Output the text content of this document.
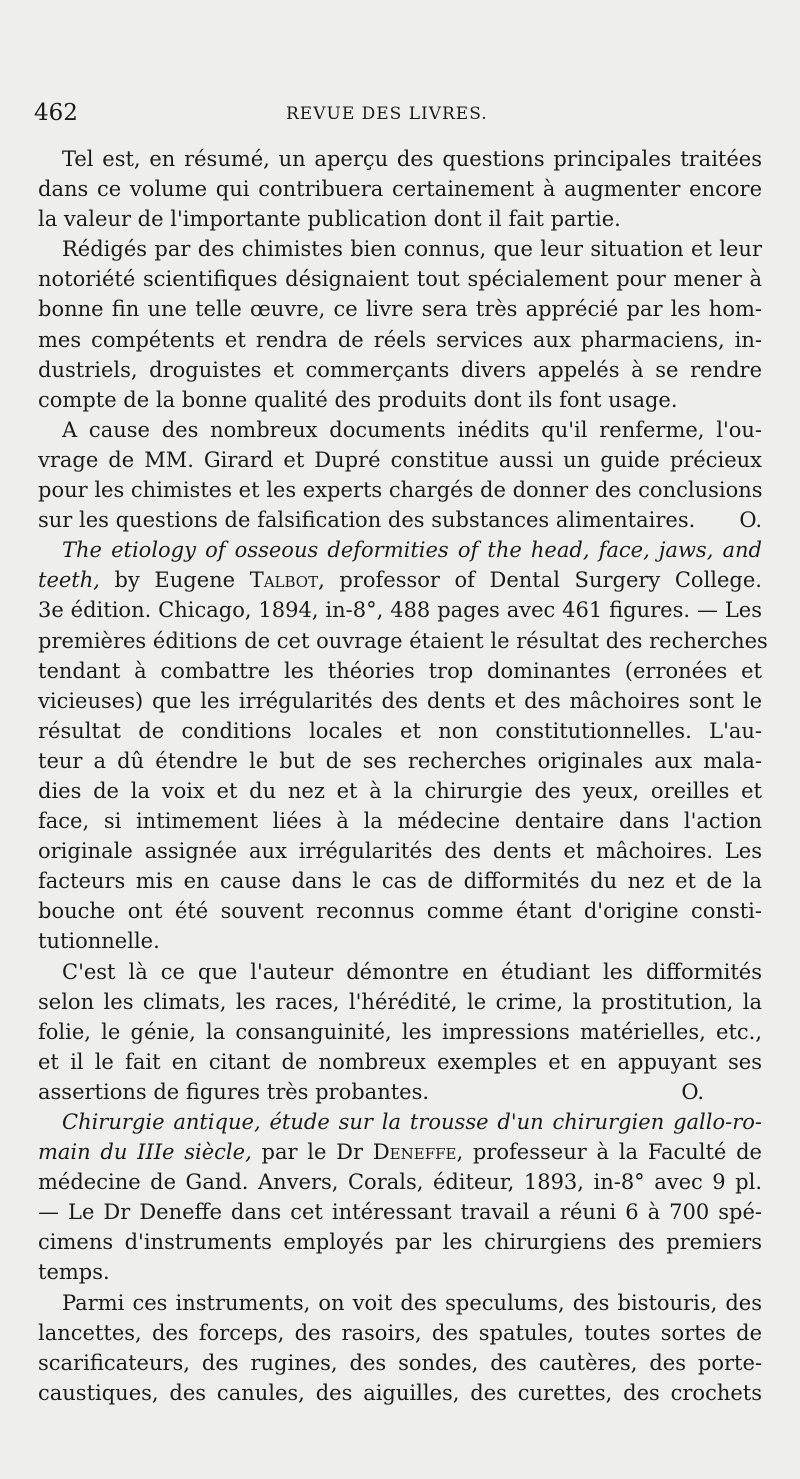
462	REVUE DES LIVRES.
Tel est, en résumé, un aperçu des questions principales traitées
dans ce volume qui contribuera certainement à augmenter encore
la valeur de l'importante publication dont il fait partie.
Rédigés par des chimistes bien connus, que leur situation et leur
notoriété scientifiques désignaient tout spécialement pour mener à
bonne fin une telle œuvre, ce livre sera très apprécié par les hom-
mes compétents et rendra de réels services aux pharmaciens, in-
dustriels, droguistes et commerçants divers appelés à se rendre
compte de la bonne qualité des produits dont ils font usage.
A cause des nombreux documents inédits qu'il renferme, l'ou-
vrage de MM. Girard et Dupré constitue aussi un guide précieux
pour les chimistes et les experts chargés de donner des conclusions
sur les questions de falsification des substances alimentaires. O.
The etiology of osseous deformities of the head, face, jaws, and
teeth, by Eugene Talbot, professor of Dental Surgery College.
3e édition. Chicago, 1894, in-8°, 488 pages avec 461 figures. — Les
premières éditions de cet ouvrage étaient le résultat des recherches
tendant à combattre les théories trop dominantes (erronées et
vicieuses) que les irrégularités des dents et des mâchoires sont le
résultat de conditions locales et non constitutionnelles. L'au-
teur a dû étendre le but de ses recherches originales aux mala-
dies de la voix et du nez et à la chirurgie des yeux, oreilles et
face, si intimement liées à la médecine dentaire dans l'action
originale assignée aux irrégularités des dents et mâchoires. Les
facteurs mis en cause dans le cas de difformités du nez et de la
bouche ont été souvent reconnus comme étant d'origine consti-
tutionnelle.
C'est là ce que l'auteur démontre en étudiant les difformités
selon les climats, les races, l'hérédité, le crime, la prostitution, la
folie, le génie, la consanguinité, les impressions matérielles, etc.,
et il le fait en citant de nombreux exemples et en appuyant ses
assertions de figures très probantes.	O.
Chirurgie antique, étude sur la trousse d'un chirurgien gallo-ro-
main du IIIe siècle, par le Dr Deneffe, professeur à la Faculté de
médecine de Gand. Anvers, Corals, éditeur, 1893, in-8° avec 9 pl.
— Le Dr Deneffe dans cet intéressant travail a réuni 6 à 700 spé-
cimens d'instruments employés par les chirurgiens des premiers
temps.
Parmi ces instruments, on voit des speculums, des bistouris, des
lancettes, des forceps, des rasoirs, des spatules, toutes sortes de
scarificateurs, des rugines, des sondes, des cautères, des porte-
caustiques, des canules, des aiguilles, des curettes, des crochets
